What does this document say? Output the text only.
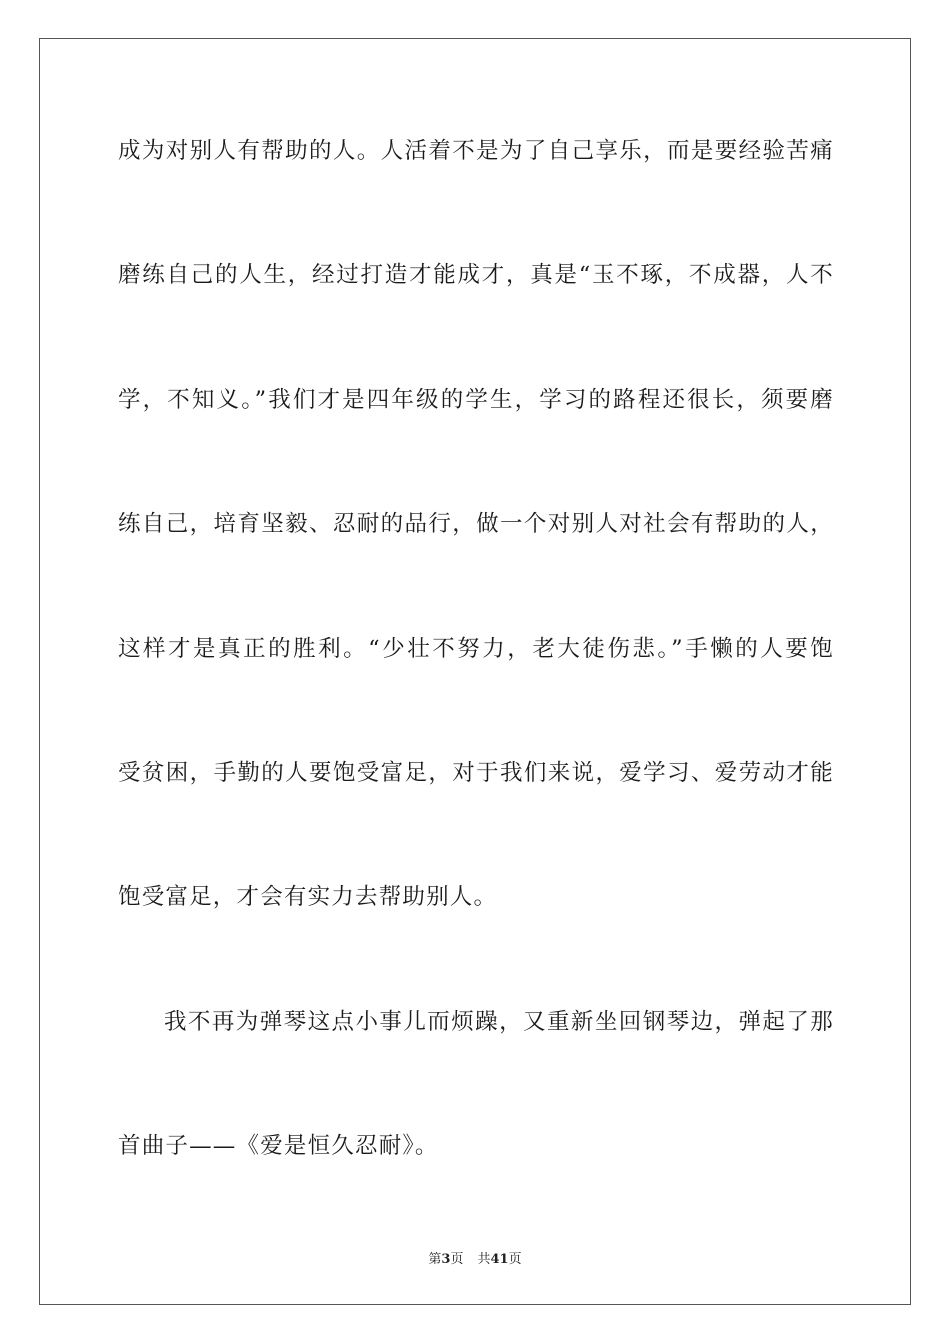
成为对别人有帮助的人。人活着不是为了自己享乐，而是要经验苦痛
磨练自己的人生，经过打造才能成才，真是“玉不琢，不成器，人不
学，不知义。”我们才是四年级的学生，学习的路程还很长，须要磨
练自己，培育坚毅、忍耐的品行，做一个对别人对社会有帮助的人，
这样才是真正的胜利。“少壮不努力，老大徒伤悲。”手懒的人要饱
受贫困，手勤的人要饱受富足，对于我们来说，爱学习、爱劳动才能
饱受富足，才会有实力去帮助别人。
我不再为弹琴这点小事儿而烦躁，又重新坐回钢琴边，弹起了那
首曲子——《爱是恒久忍耐》。
第3页 共41页
